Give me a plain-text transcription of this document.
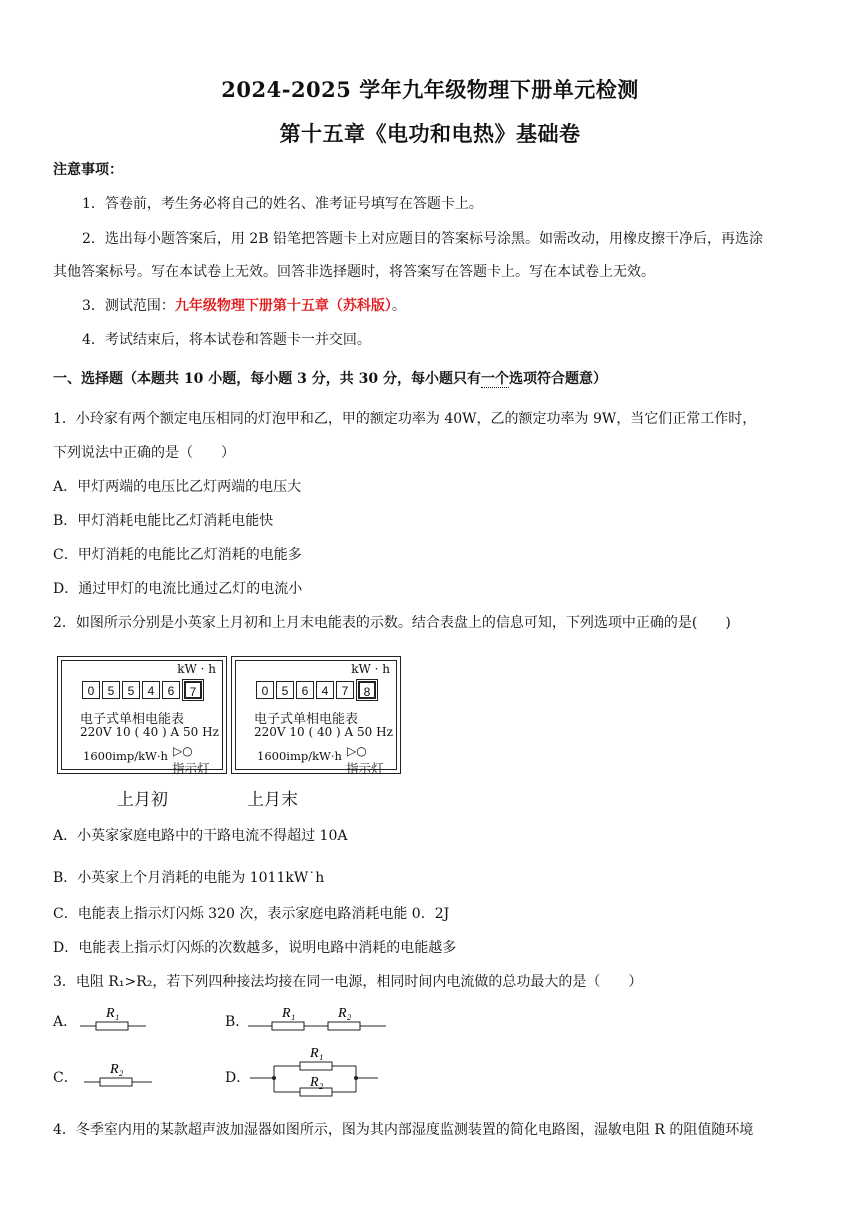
2024-2025 学年九年级物理下册单元检测
第十五章《电功和电热》基础卷
注意事项：
1．答卷前，考生务必将自己的姓名、准考证号填写在答题卡上。
2．选出每小题答案后，用 2B 铅笔把答题卡上对应题目的答案标号涂黑。如需改动，用橡皮擦干净后，再选涂
其他答案标号。写在本试卷上无效。回答非选择题时，将答案写在答题卡上。写在本试卷上无效。
3．测试范围：九年级物理下册第十五章（苏科版）。
4．考试结束后，将本试卷和答题卡一并交回。
一、选择题（本题共 10 小题，每小题 3 分，共 30 分，每小题只有一个选项符合题意）
1．小玲家有两个额定电压相同的灯泡甲和乙，甲的额定功率为 40W，乙的额定功率为 9W，当它们正常工作时，
下列说法中正确的是（　　）
A．甲灯两端的电压比乙灯两端的电压大
B．甲灯消耗电能比乙灯消耗电能快
C．甲灯消耗的电能比乙灯消耗的电能多
D．通过甲灯的电流比通过乙灯的电流小
2．如图所示分别是小英家上月初和上月末电能表的示数。结合表盘上的信息可知，下列选项中正确的是(　　)
kW · h
0	5	5	4	6	7
电子式单相电能表
220V 10 ( 40 ) A 50 Hz
1600imp/kW·h ▷○
指示灯
上月初
kW · h
0	5	6	4	7	8
电子式单相电能表
220V 10 ( 40 ) A 50 Hz
1600imp/kW·h ▷○
指示灯
上月末
A．小英家家庭电路中的干路电流不得超过 10A
B．小英家上个月消耗的电能为 1011kW˙h
C．电能表上指示灯闪烁 320 次，表示家庭电路消耗电能 0．2J
D．电能表上指示灯闪烁的次数越多，说明电路中消耗的电能越多
3．电阻 R₁>R₂，若下列四种接法均接在同一电源，相同时间内电流做的总功最大的是（　　）
A．
R₁
B．
R₁	R₂
C．
R₂
D．
R₁
R₂
4．冬季室内用的某款超声波加湿器如图所示，图为其内部湿度监测装置的简化电路图，湿敏电阻 R 的阻值随环境
